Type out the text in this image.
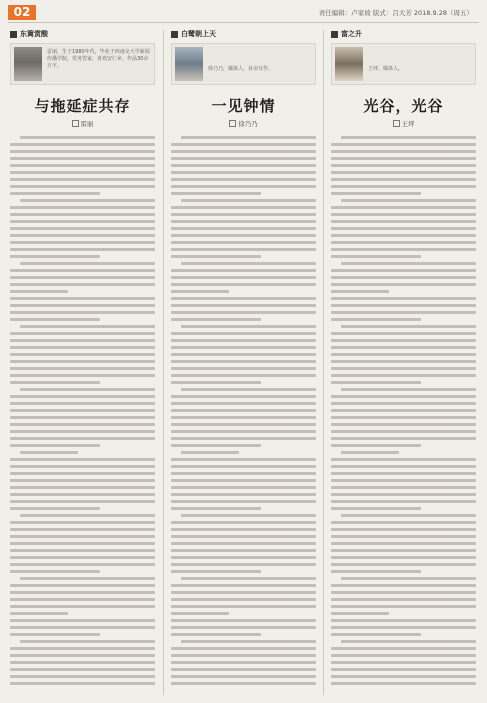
02	责任编辑：卢家坡 版式：吕大芳 2018.9.28（周五）
东篱赏酸
雷丽，生于1980年代，毕业于西南交大学新闻传播学院，党务管家，喜欢安仁乡，作品30余万字。
与拖延症共存
雷丽
白鹭朝上天
徐乃乃，媒体人，业余写作。
一见钟情
徐乃乃
富之升
王坪，媒体人。
光谷，光谷
王坪
